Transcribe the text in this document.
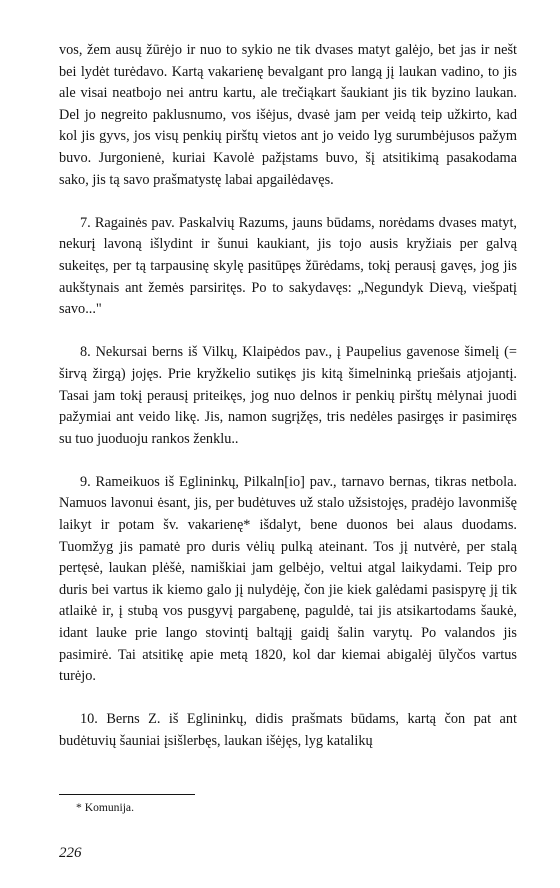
vos, žem ausų žūrėjo ir nuo to sykio ne tik dvases matyt galėjo, bet jas ir nešt bei lydėt turėdavo. Kartą vakarienę bevalgant pro langą jį laukan vadino, to jis ale visai neatbojo nei antru kartu, ale trečiąkart šaukiant jis tik byzino laukan. Del jo negreito paklusnumo, vos išėjus, dvasė jam per veidą teip užkirto, kad kol jis gyvs, jos visų penkių pirštų vietos ant jo veido lyg surumbėjusos pažym buvo. Jurgonienė, kuriai Kavolė pažįstams buvo, šį atsitikimą pasakodama sako, jis tą savo prašmatystę labai apgailėdavęs.

7. Ragainės pav. Paskalvių Razums, jauns būdams, norėdams dvases matyt, nekurį lavoną išlydint ir šunui kaukiant, jis tojo ausis kryžiais per galvą sukeitęs, per tą tarpausinę skylę pasitūpęs žūrėdams, tokį perausį gavęs, jog jis aukštynais ant žemės parsiritęs. Po to sakydavęs: „Negundyk Dievą, viešpatį savo..."

8. Nekursai berns iš Vilkų, Klaipėdos pav., į Paupelius gavenose šimelį (= širvą žirgą) jojęs. Prie kryžkelio sutikęs jis kitą šimelninką priešais atjojantį. Tasai jam tokį perausį priteikęs, jog nuo delnos ir penkių pirštų mėlynai juodi pažymiai ant veido likę. Jis, namon sugrįžęs, tris nedėles pasirgęs ir pasimiręs su tuo juoduoju rankos ženklu..

9. Rameikuos iš Eglininkų, Pilkaln[io] pav., tarnavo bernas, tikras netbola. Namuos lavonui ėsant, jis, per budėtuves už stalo užsistojęs, pradėjo lavonmišę laikyt ir potam šv. vakarienę* išdalyt, bene duonos bei alaus duodams. Tuomžyg jis pamatė pro duris vėlių pulką ateinant. Tos jį nutvėrė, per stalą pertęsė, laukan plėšė, namiškiai jam gelbėjo, veltui atgal laikydami. Teip pro duris bei vartus ik kiemo galo jį nulydėję, čon jie kiek galėdami pasispyrę jį tik atlaikė ir, į stubą vos pusgyvį pargabenę, paguldė, tai jis atsikartodams šaukė, idant lauke prie lango stovintį baltąjį gaidį šalin varytų. Po valandos jis pasimirė. Tai atsitikę apie metą 1820, kol dar kiemai abigalėj ūlyčos vartus turėjo.

10. Berns Z. iš Eglininkų, didis prašmats būdams, kartą čon pat ant budėtuvių šauniai įsišlerbęs, laukan išėjęs, lyg katalikų

* Komunija.

226
